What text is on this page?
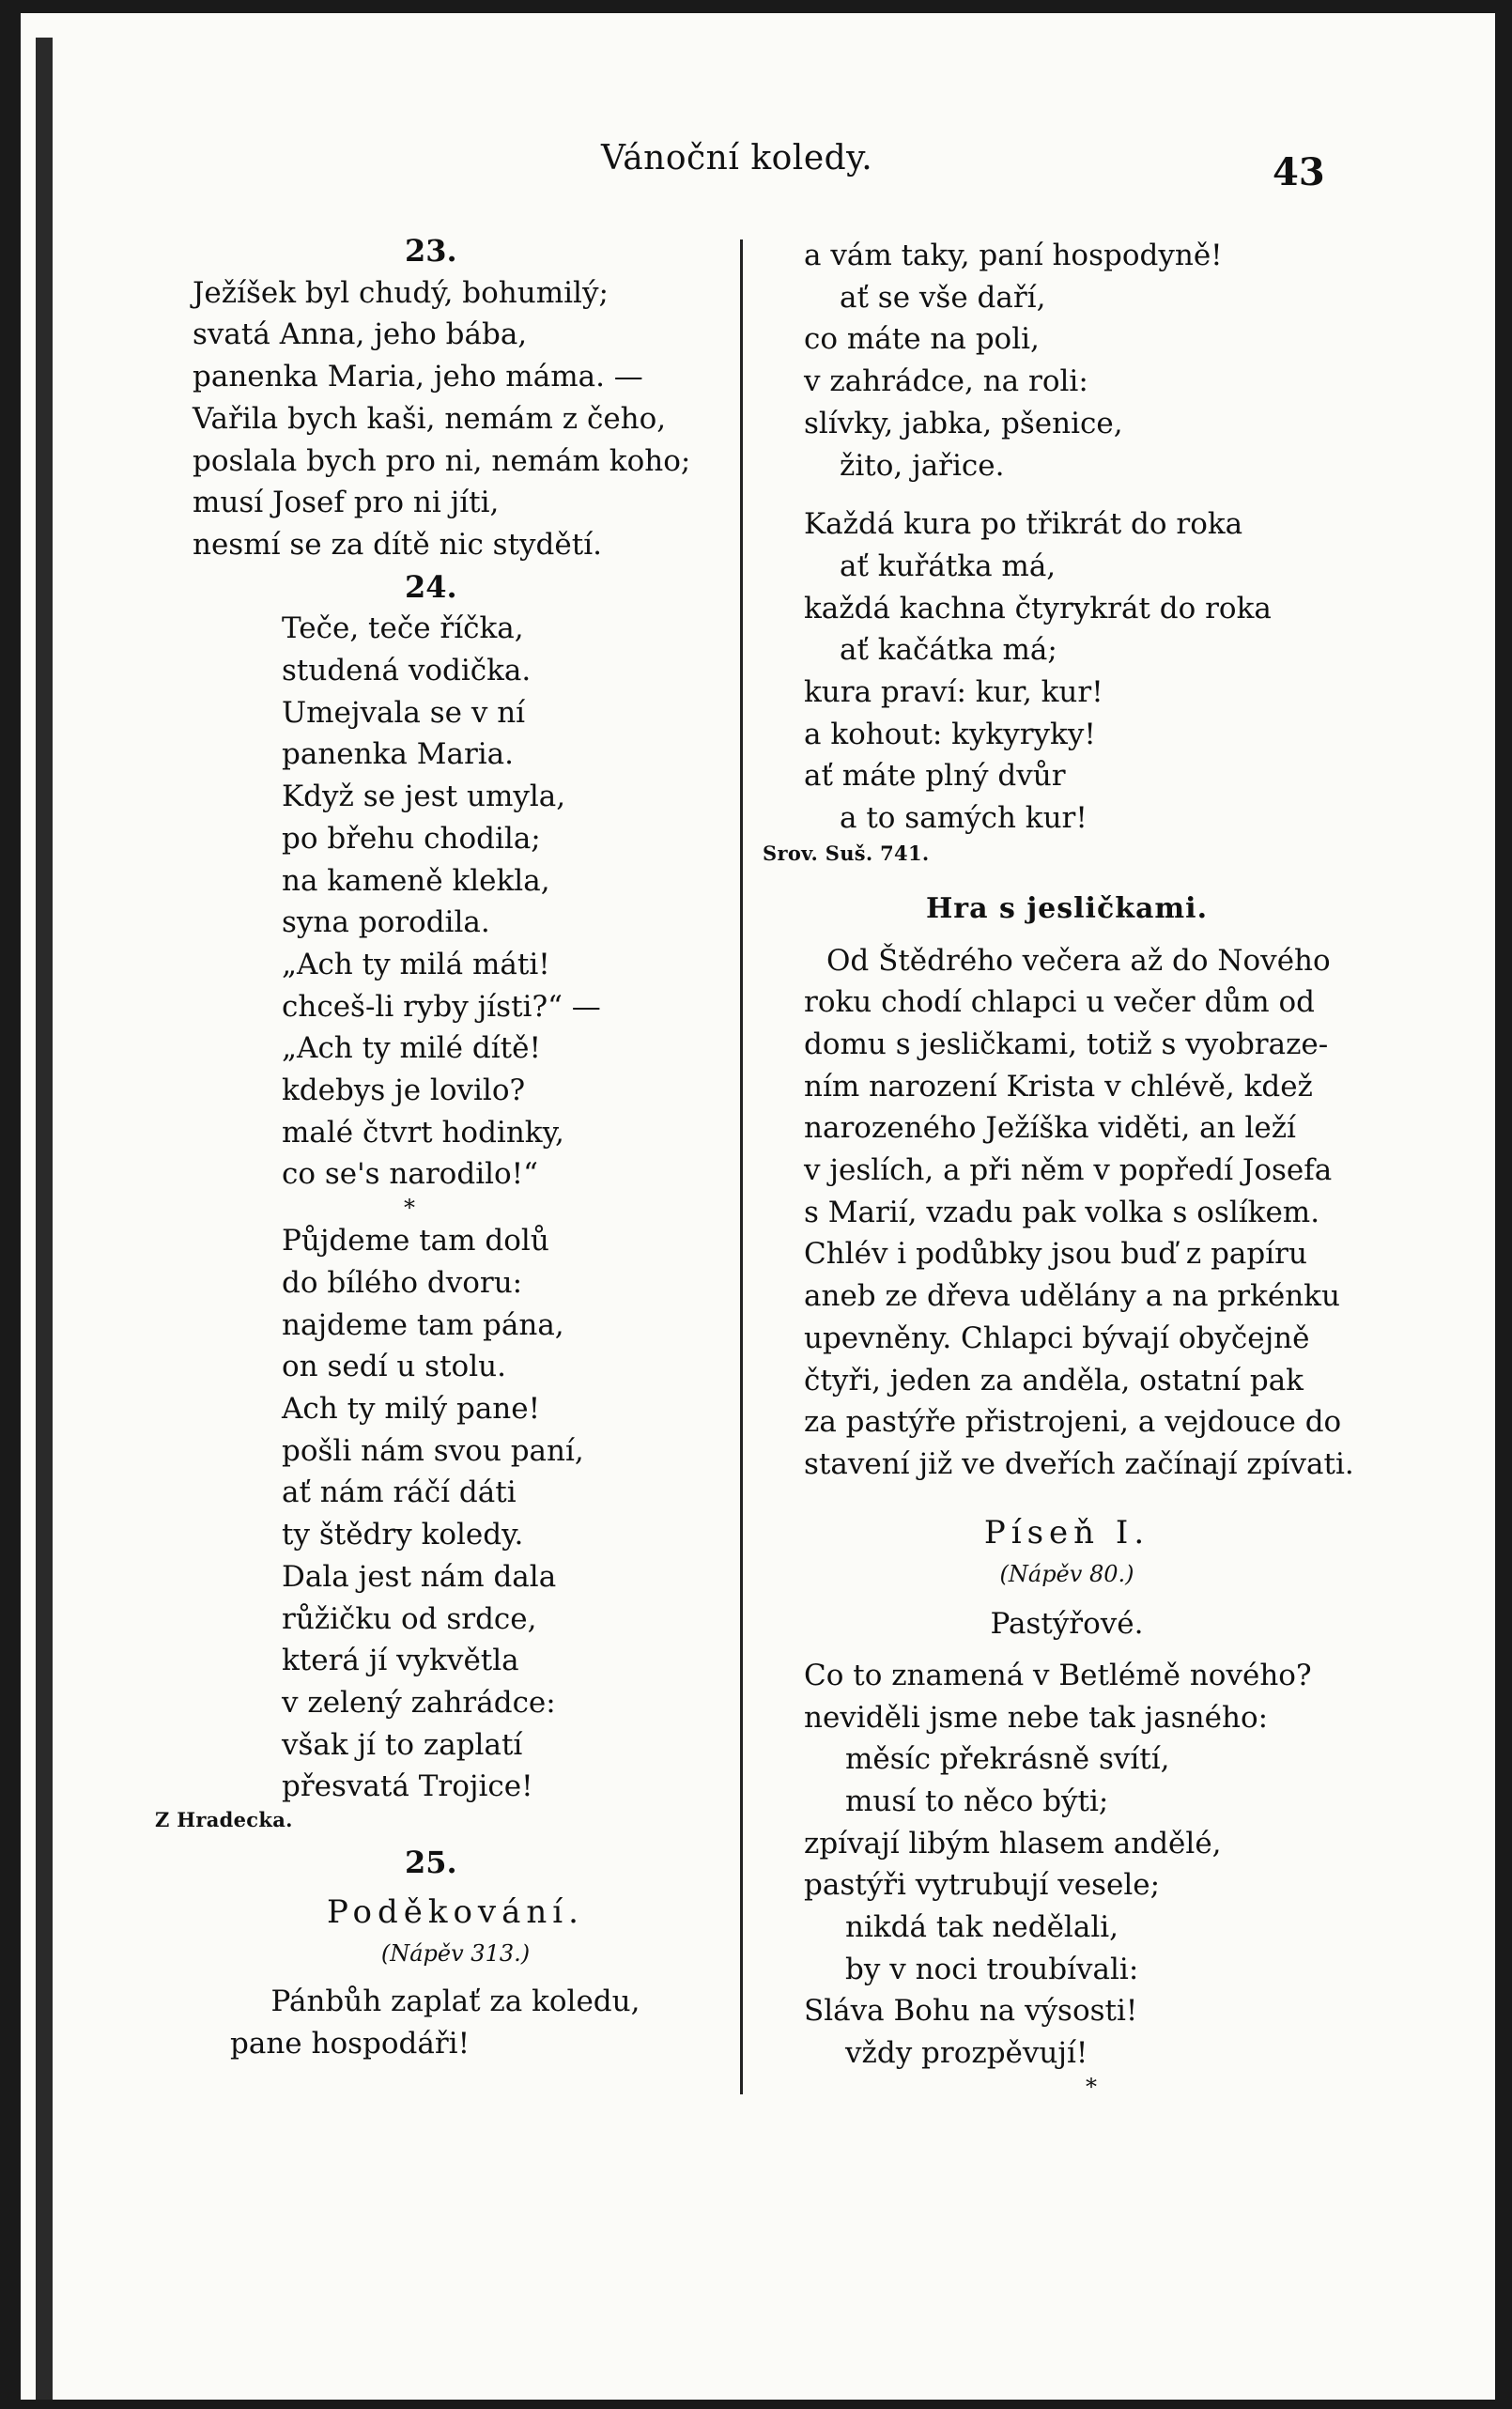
Vánoční koledy.	43
23.
Ježíšek byl chudý, bohumilý;
svatá Anna, jeho bába,
panenka Maria, jeho máma. —
Vařila bych kaši, nemám z čeho,
poslala bych pro ni, nemám koho;
musí Josef pro ni jíti,
nesmí se za dítě nic stydětí.
24.
Teče, teče říčka,
studená vodička.
Umejvala se v ní
panenka Maria.
Když se jest umyla,
po břehu chodila;
na kameně klekla,
syna porodila.
„Ach ty milá máti!
chceš-li ryby jísti?“ —
„Ach ty milé dítě!
kdebys je lovilo?
malé čtvrt hodinky,
co se's narodilo!“
*
Půjdeme tam dolů
do bílého dvoru:
najdeme tam pána,
on sedí u stolu.
Ach ty milý pane!
pošli nám svou paní,
ať nám ráčí dáti
ty štědry koledy.
Dala jest nám dala
růžičku od srdce,
která jí vykvětla
v zelený zahrádce:
však jí to zaplatí
přesvatá Trojice!
Z Hradecka.
25.
Poděkování.
(Nápěv 313.)
Pánbůh zaplať za koledu,
pane hospodáři!
a vám taky, paní hospodyně!
ať se vše daří,
co máte na poli,
v zahrádce, na roli:
slívky, jabka, pšenice,
žito, jařice.
Každá kura po třikrát do roka
ať kuřátka má,
každá kachna čtyrykrát do roka
ať kačátka má;
kura praví: kur, kur!
a kohout: kykyryky!
ať máte plný dvůr
a to samých kur!
Srov. Suš. 741.
Hra s jesličkami.
Od Štědrého večera až do Nového
roku chodí chlapci u večer dům od
domu s jesličkami, totiž s vyobraze-
ním narození Krista v chlévě, kdež
narozeného Ježíška viděti, an leží
v jeslích, a při něm v popředí Josefa
s Marií, vzadu pak volka s oslíkem.
Chlév i podůbky jsou buď z papíru
aneb ze dřeva udělány a na prkénku
upevněny. Chlapci bývají obyčejně
čtyři, jeden za anděla, ostatní pak
za pastýře přistrojeni, a vejdouce do
stavení již ve dveřích začínají zpívati.
Píseň I.
(Nápěv 80.)
Pastýřové.
Co to znamená v Betlémě nového?
neviděli jsme nebe tak jasného:
měsíc překrásně svítí,
musí to něco býti;
zpívají libým hlasem andělé,
pastýři vytrubují vesele;
nikdá tak nedělali,
by v noci troubívali:
Sláva Bohu na výsosti!
vždy prozpěvují!
*
